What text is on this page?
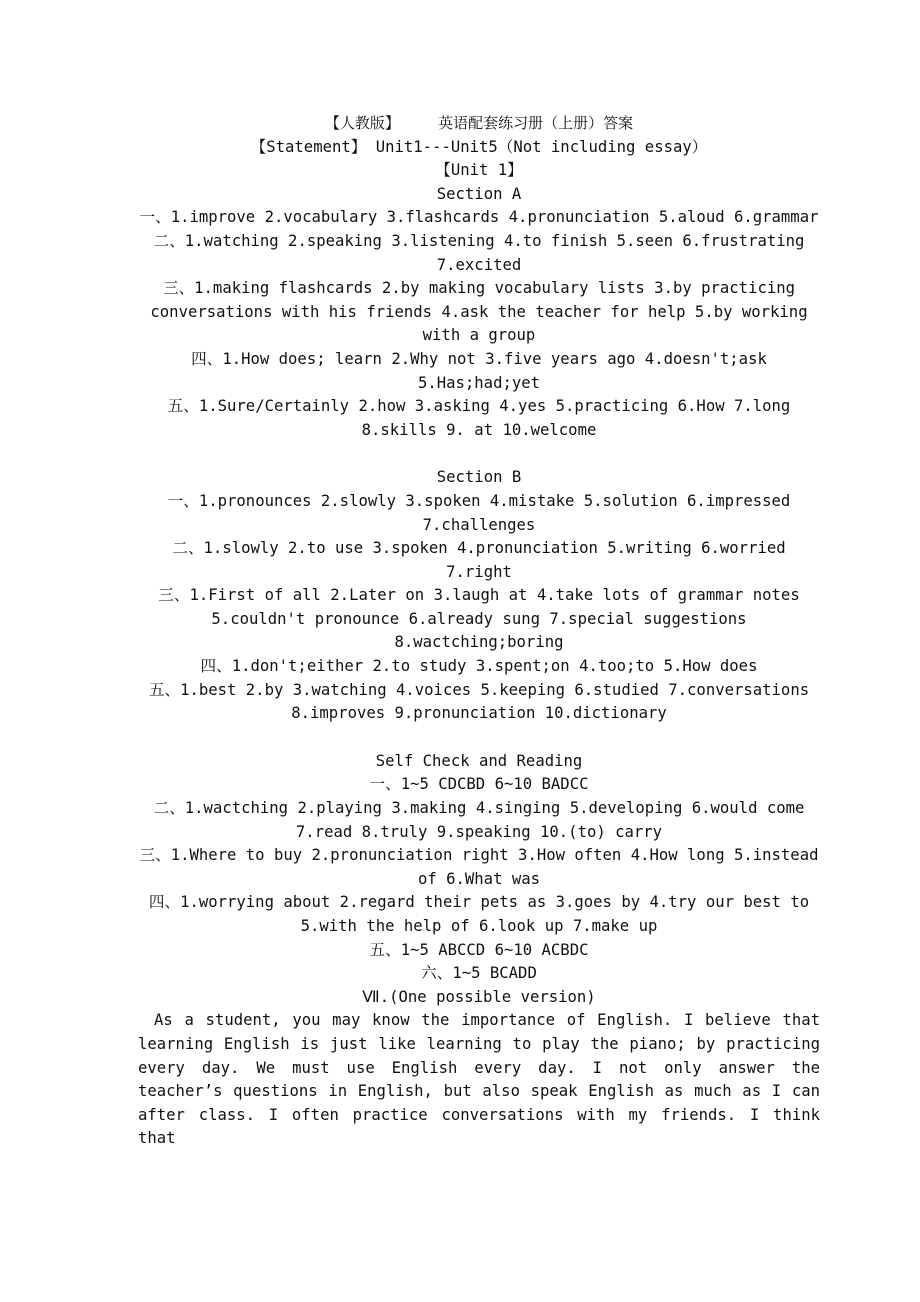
【人教版】        英语配套练习册（上册）答案
【Statement】 Unit1---Unit5（Not including essay）
【Unit 1】
Section A
一、1.improve 2.vocabulary 3.flashcards 4.pronunciation 5.aloud 6.grammar
二、1.watching 2.speaking 3.listening 4.to finish 5.seen 6.frustrating 7.excited
三、1.making flashcards 2.by making vocabulary lists 3.by practicing conversations with his friends 4.ask the teacher for help 5.by working with a group
四、1.How does; learn 2.Why not 3.five years ago 4.doesn't;ask 5.Has;had;yet
五、1.Sure/Certainly 2.how 3.asking 4.yes 5.practicing 6.How 7.long 8.skills 9. at 10.welcome
Section B
一、1.pronounces 2.slowly 3.spoken 4.mistake 5.solution 6.impressed 7.challenges
二、1.slowly 2.to use 3.spoken 4.pronunciation 5.writing 6.worried 7.right
三、1.First of all 2.Later on 3.laugh at 4.take lots of grammar notes 5.couldn't pronounce 6.already sung 7.special suggestions 8.wactching;boring
四、1.don't;either 2.to study 3.spent;on 4.too;to 5.How does
五、1.best 2.by 3.watching 4.voices 5.keeping 6.studied 7.conversations 8.improves 9.pronunciation 10.dictionary
Self Check and Reading
一、1~5 CDCBD 6~10 BADCC
二、1.wactching 2.playing 3.making 4.singing 5.developing 6.would come 7.read 8.truly 9.speaking 10.(to) carry
三、1.Where to buy 2.pronunciation right 3.How often 4.How long 5.instead of 6.What was
四、1.worrying about 2.regard their pets as 3.goes by 4.try our best to 5.with the help of 6.look up 7.make up
五、1~5 ABCCD 6~10 ACBDC
六、1~5 BCADD
Ⅶ.(One possible version)
As a student, you may know the importance of English. I believe that learning English is just like learning to play the piano; by practicing every day. We must use English every day. I not only answer the teacher’s questions in English, but also speak English as much as I can after class. I often practice conversations with my friends. I think that
